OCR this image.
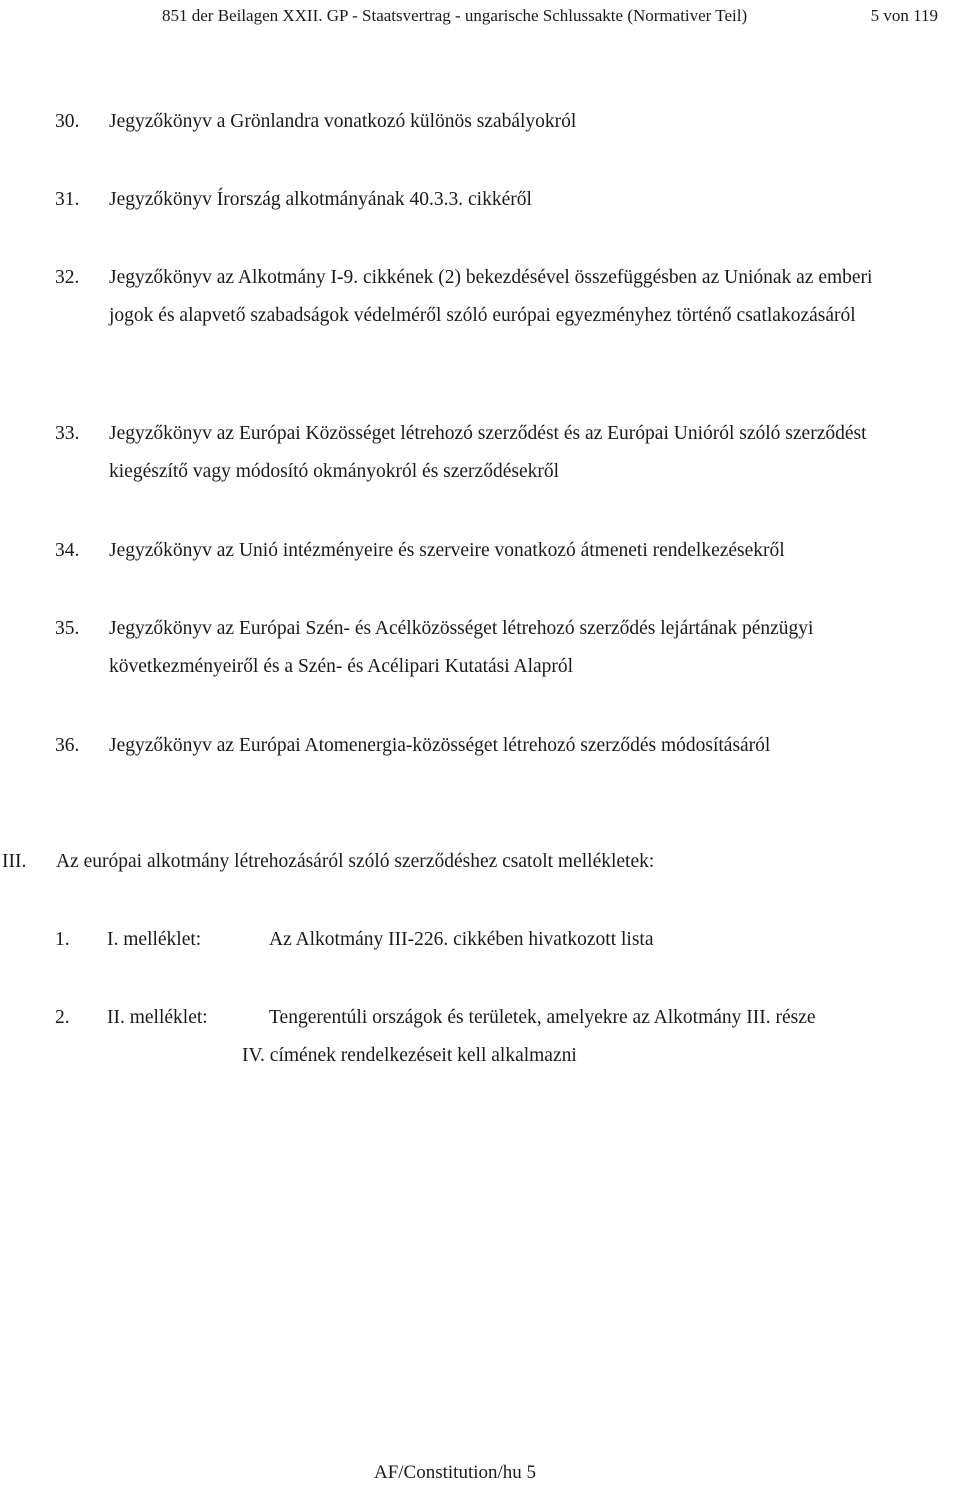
851 der Beilagen XXII. GP - Staatsvertrag - ungarische Schlussakte (Normativer Teil)	5 von 119
30. Jegyzőkönyv a Grönlandra vonatkozó különös szabályokról
31. Jegyzőkönyv Írország alkotmányának 40.3.3. cikkéről
32. Jegyzőkönyv az Alkotmány I-9. cikkének (2) bekezdésével összefüggésben az Uniónak az emberi jogok és alapvető szabadságok védelméről szóló európai egyezményhez történő csatlakozásáról
33. Jegyzőkönyv az Európai Közösséget létrehozó szerződést és az Európai Unióról szóló szerződést kiegészítő vagy módosító okmányokról és szerződésekről
34. Jegyzőkönyv az Unió intézményeire és szerveire vonatkozó átmeneti rendelkezésekről
35. Jegyzőkönyv az Európai Szén- és Acélközösséget létrehozó szerződés lejártának pénzügyi következményeiről és a Szén- és Acélipari Kutatási Alapról
36. Jegyzőkönyv az Európai Atomenergia-közösséget létrehozó szerződés módosításáról
III. Az európai alkotmány létrehozásáról szóló szerződéshez csatolt mellékletek:
1. I. melléklet:	Az Alkotmány III-226. cikkében hivatkozott lista
2. II. melléklet:	Tengerentúli országok és területek, amelyekre az Alkotmány III. része
IV. címének rendelkezéseit kell alkalmazni
AF/Constitution/hu 5
